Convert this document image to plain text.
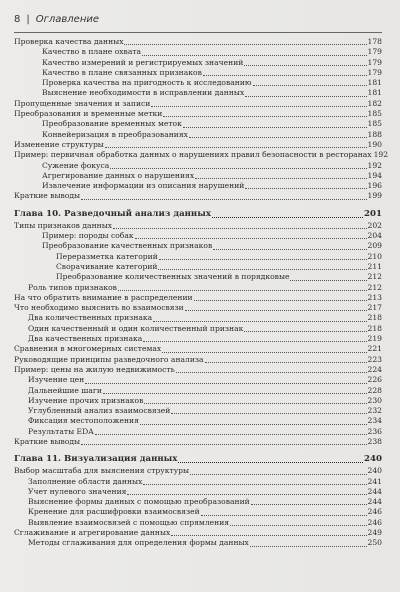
8 | Оглавление
Проверка качества данных	178
Качество в плане охвата	179
Качество измерений и регистрируемых значений	179
Качество в плане связанных признаков	179
Проверка качества на пригодность к исследованию	181
Выяснение необходимости в исправлении данных	181
Пропущенные значения и записи	182
Преобразования и временные метки	185
Преобразование временных меток	185
Конвейеризация в преобразованиях	188
Изменение структуры	190
Пример: первичная обработка данных о нарушениях правил безопасности в ресторанах 192
Сужение фокуса	192
Агрегирование данных о нарушениях	194
Извлечение информации из описания нарушений	196
Краткие выводы	199
Глава 10. Разведочный анализ данных	201
Типы признаков данных	202
Пример: породы собак	204
Преобразование качественных признаков	209
Переразметка категорий	210
Сворачивание категорий	211
Преобразование количественных значений в порядковые	212
Роль типов признаков	212
На что обратить внимание в распределении	213
Что необходимо выяснить во взаимосвязи	217
Два количественных признака	218
Один качественный и один количественный признак	218
Два качественных признака	219
Сравнения в многомерных системах	221
Руководящие принципы разведочного анализа	223
Пример: цены на жилую недвижимость	224
Изучение цен	226
Дальнейшие шаги	228
Изучение прочих признаков	230
Углубленный анализ взаимосвязей	232
Фиксация местоположения	234
Результаты EDA	236
Краткие выводы	238
Глава 11. Визуализация данных	240
Выбор масштаба для выяснения структуры	240
Заполнение области данных	241
Учет нулевого значения	244
Выяснение формы данных с помощью преобразований	244
Кренение для расшифровки взаимосвязей	246
Выявление взаимосвязей с помощью спрямления	246
Сглаживание и агрегирование данных	249
Методы сглаживания для определения формы данных	250
